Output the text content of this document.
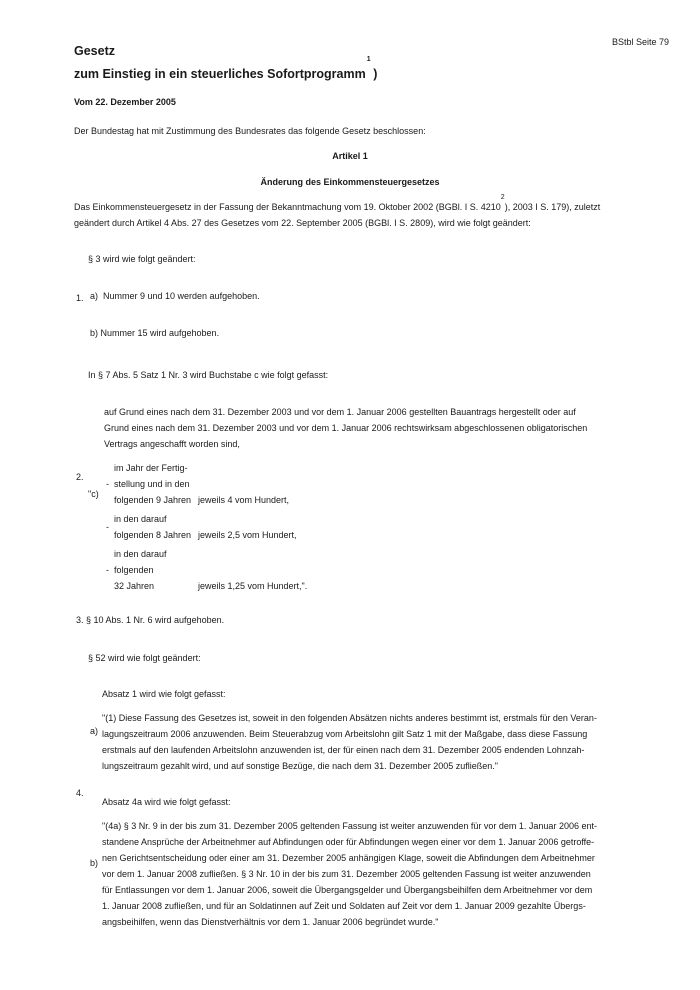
BStbl Seite 79
Gesetz
zum Einstieg in ein steuerliches Sofortprogramm
1
)
Vom 22. Dezember 2005
Der Bundestag hat mit Zustimmung des Bundesrates das folgende Gesetz beschlossen:
Artikel 1
Änderung des Einkommensteuergesetzes
Das Einkommensteuergesetz in der Fassung der Bekanntmachung vom 19. Oktober 2002 (BGBl. I S. 4210
2
), 2003 I S. 179), zuletzt
geändert durch Artikel 4 Abs. 27 des Gesetzes vom 22. September 2005 (BGBl. I S. 2809), wird wie folgt geändert:
§ 3 wird wie folgt geändert:
1. a) Nummer 9 und 10 werden aufgehoben.
b) Nummer 15 wird aufgehoben.
In § 7 Abs. 5 Satz 1 Nr. 3 wird Buchstabe c wie folgt gefasst:
auf Grund eines nach dem 31. Dezember 2003 und vor dem 1. Januar 2006 gestellten Bauantrags hergestellt oder auf
Grund eines nach dem 31. Dezember 2003 und vor dem 1. Januar 2006 rechtswirksam abgeschlossenen obligatorischen
Vertrags angeschafft worden sind,
2.
"c)
-
im Jahr der Fertig-
stellung und in den
folgenden 9 Jahren jeweils 4 vom Hundert,
-
in den darauf
folgenden 8 Jahren jeweils 2,5 vom Hundert,
-
in den darauf
folgenden
32 Jahren	jeweils 1,25 vom Hundert,".
3. § 10 Abs. 1 Nr. 6 wird aufgehoben.
§ 52 wird wie folgt geändert:
Absatz 1 wird wie folgt gefasst:
a)
"(1) Diese Fassung des Gesetzes ist, soweit in den folgenden Absätzen nichts anderes bestimmt ist, erstmals für den Veran-
lagungszeitraum 2006 anzuwenden. Beim Steuerabzug vom Arbeitslohn gilt Satz 1 mit der Maßgabe, dass diese Fassung
erstmals auf den laufenden Arbeitslohn anzuwenden ist, der für einen nach dem 31. Dezember 2005 endenden Lohnzah-
lungszeitraum gezahlt wird, und auf sonstige Bezüge, die nach dem 31. Dezember 2005 zufließen."
4.
Absatz 4a wird wie folgt gefasst:
b)
"(4a) § 3 Nr. 9 in der bis zum 31. Dezember 2005 geltenden Fassung ist weiter anzuwenden für vor dem 1. Januar 2006 ent-
standene Ansprüche der Arbeitnehmer auf Abfindungen oder für Abfindungen wegen einer vor dem 1. Januar 2006 getroffe-
nen Gerichtsentscheidung oder einer am 31. Dezember 2005 anhängigen Klage, soweit die Abfindungen dem Arbeitnehmer
vor dem 1. Januar 2008 zufließen. § 3 Nr. 10 in der bis zum 31. Dezember 2005 geltenden Fassung ist weiter anzuwenden
für Entlassungen vor dem 1. Januar 2006, soweit die Übergangsgelder und Übergangsbeihilfen dem Arbeitnehmer vor dem
1. Januar 2008 zufließen, und für an Soldatinnen auf Zeit und Soldaten auf Zeit vor dem 1. Januar 2009 gezahlte Übergs-
angsbeihilfen, wenn das Dienstverhältnis vor dem 1. Januar 2006 begründet wurde."
